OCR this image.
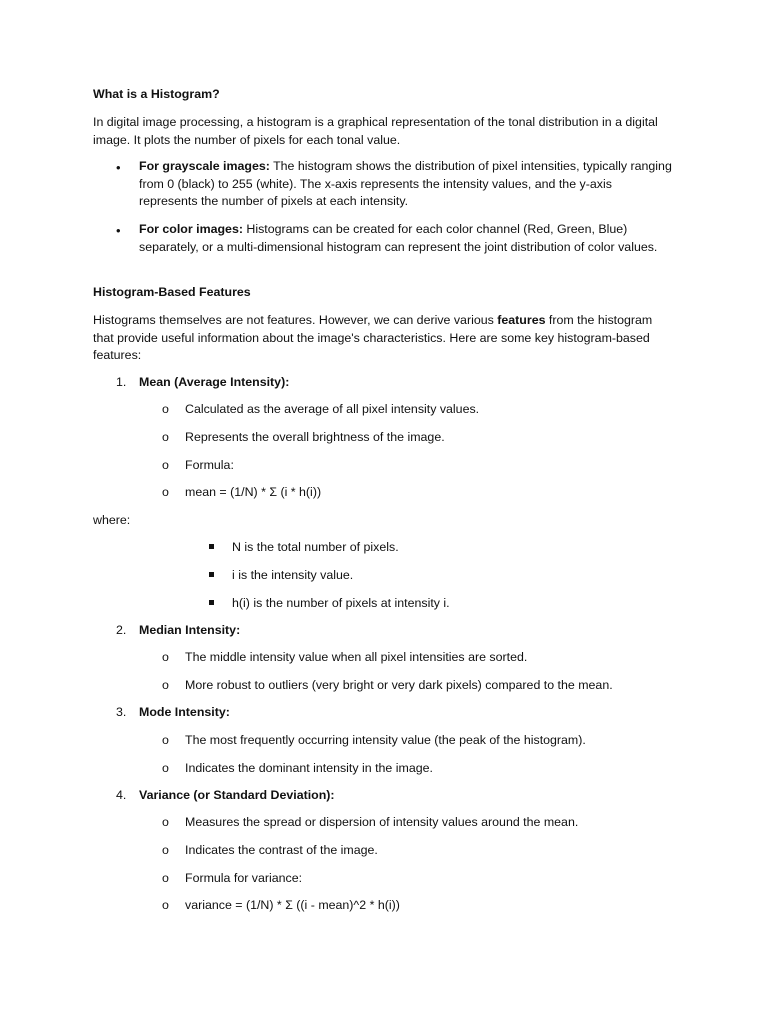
What is a Histogram?

In digital image processing, a histogram is a graphical representation of the tonal distribution in a digital image. It plots the number of pixels for each tonal value.

•	For grayscale images: The histogram shows the distribution of pixel intensities, typically ranging from 0 (black) to 255 (white). The x-axis represents the intensity values, and the y-axis represents the number of pixels at each intensity.

•	For color images: Histograms can be created for each color channel (Red, Green, Blue) separately, or a multi-dimensional histogram can represent the joint distribution of color values.

Histogram-Based Features

Histograms themselves are not features. However, we can derive various features from the histogram that provide useful information about the image's characteristics. Here are some key histogram-based features:

1.	Mean (Average Intensity):

o	Calculated as the average of all pixel intensity values.

o	Represents the overall brightness of the image.

o	Formula:

o	mean = (1/N) * Σ (i * h(i))

where:

N is the total number of pixels.

i is the intensity value.

h(i) is the number of pixels at intensity i.

2.	Median Intensity:

o	The middle intensity value when all pixel intensities are sorted.

o	More robust to outliers (very bright or very dark pixels) compared to the mean.

3.	Mode Intensity:

o	The most frequently occurring intensity value (the peak of the histogram).

o	Indicates the dominant intensity in the image.

4.	Variance (or Standard Deviation):

o	Measures the spread or dispersion of intensity values around the mean.

o	Indicates the contrast of the image.

o	Formula for variance:

o	variance = (1/N) * Σ ((i - mean)^2 * h(i))
